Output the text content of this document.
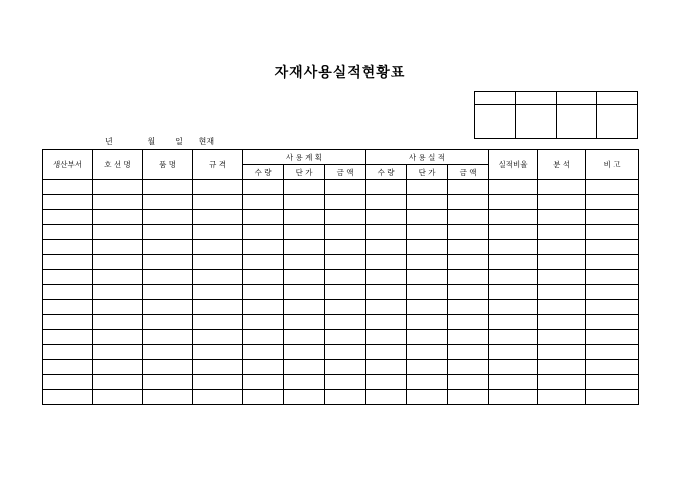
자재사용실적현황표

년	월 일 현재
생산부서	호 선 명	품 명	규 격	사 용 계 획			사 용 실 적			실적비율	분 석	비 고
				수 량	단 가	금 액	수 량	단 가	금 액			
